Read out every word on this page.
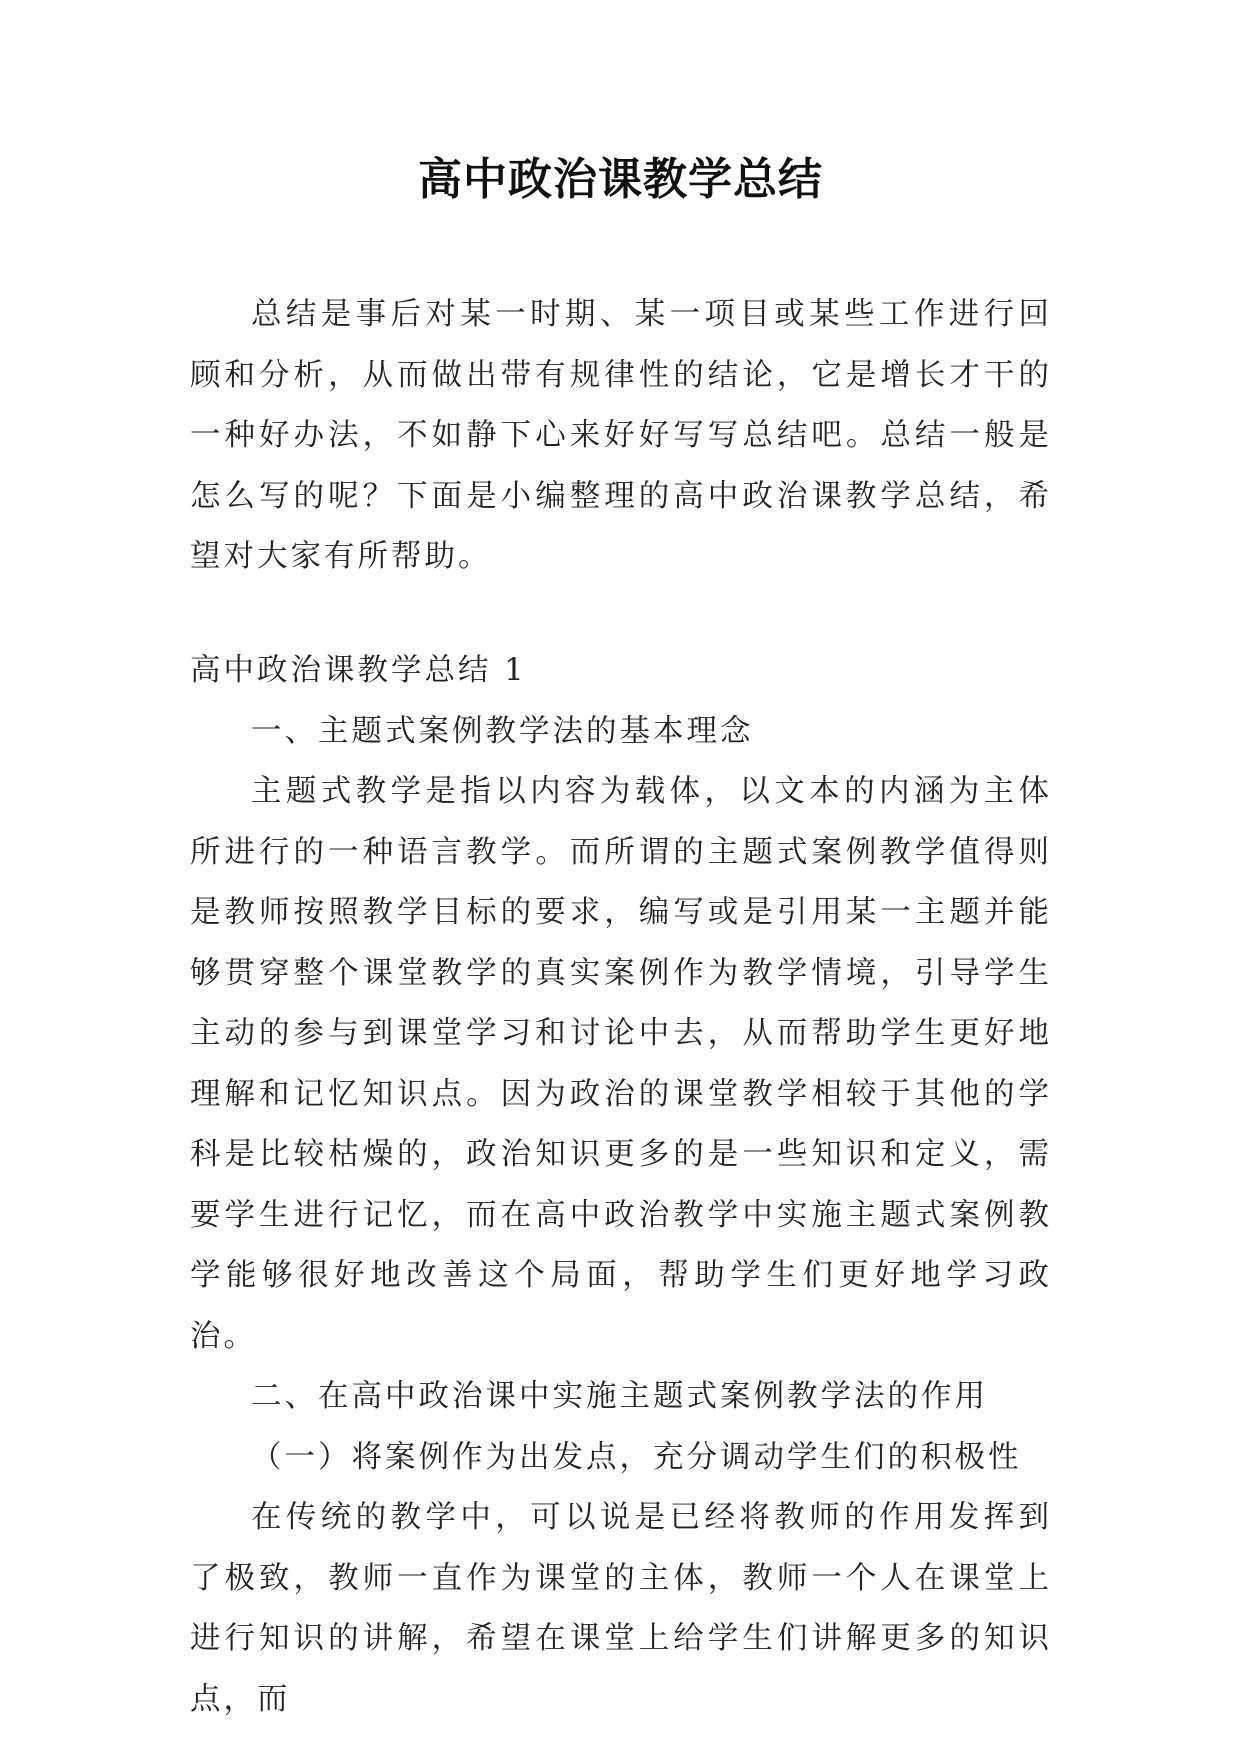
高中政治课教学总结

总结是事后对某一时期、某一项目或某些工作进行回顾和分析，从而做出带有规律性的结论，它是增长才干的一种好办法，不如静下心来好好写写总结吧。总结一般是怎么写的呢？下面是小编整理的高中政治课教学总结，希望对大家有所帮助。

高中政治课教学总结 1

一、主题式案例教学法的基本理念

主题式教学是指以内容为载体，以文本的内涵为主体所进行的一种语言教学。而所谓的主题式案例教学值得则是教师按照教学目标的要求，编写或是引用某一主题并能够贯穿整个课堂教学的真实案例作为教学情境，引导学生主动的参与到课堂学习和讨论中去，从而帮助学生更好地理解和记忆知识点。因为政治的课堂教学相较于其他的学科是比较枯燥的，政治知识更多的是一些知识和定义，需要学生进行记忆，而在高中政治教学中实施主题式案例教学能够很好地改善这个局面，帮助学生们更好地学习政治。

二、在高中政治课中实施主题式案例教学法的作用

（一）将案例作为出发点，充分调动学生们的积极性

在传统的教学中，可以说是已经将教师的作用发挥到了极致，教师一直作为课堂的主体，教师一个人在课堂上进行知识的讲解，希望在课堂上给学生们讲解更多的知识点，而
